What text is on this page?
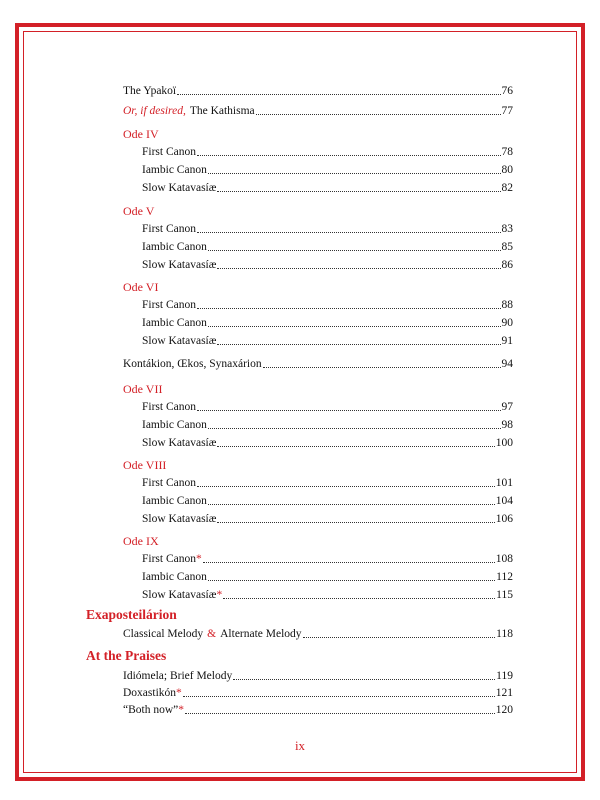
The Ypakoï	76
Or, if desired, The Kathisma	77
Ode IV
First Canon	78
Iambic Canon	80
Slow Katavasíæ	82
Ode V
First Canon	83
Iambic Canon	85
Slow Katavasíæ	86
Ode VI
First Canon	88
Iambic Canon	90
Slow Katavasíæ	91
Kontákion, Œkos, Synaxárion	94
Ode VII
First Canon	97
Iambic Canon	98
Slow Katavasíæ	100
Ode VIII
First Canon	101
Iambic Canon	104
Slow Katavasíæ	106
Ode IX
First Canon *	108
Iambic Canon	112
Slow Katavasíæ *	115
Exaposteilárion
Classical Melody & Alternate Melody	118
At the Praises
Idiómela; Brief Melody	119
Doxastikón *	121
“Both now” *	120
ix
